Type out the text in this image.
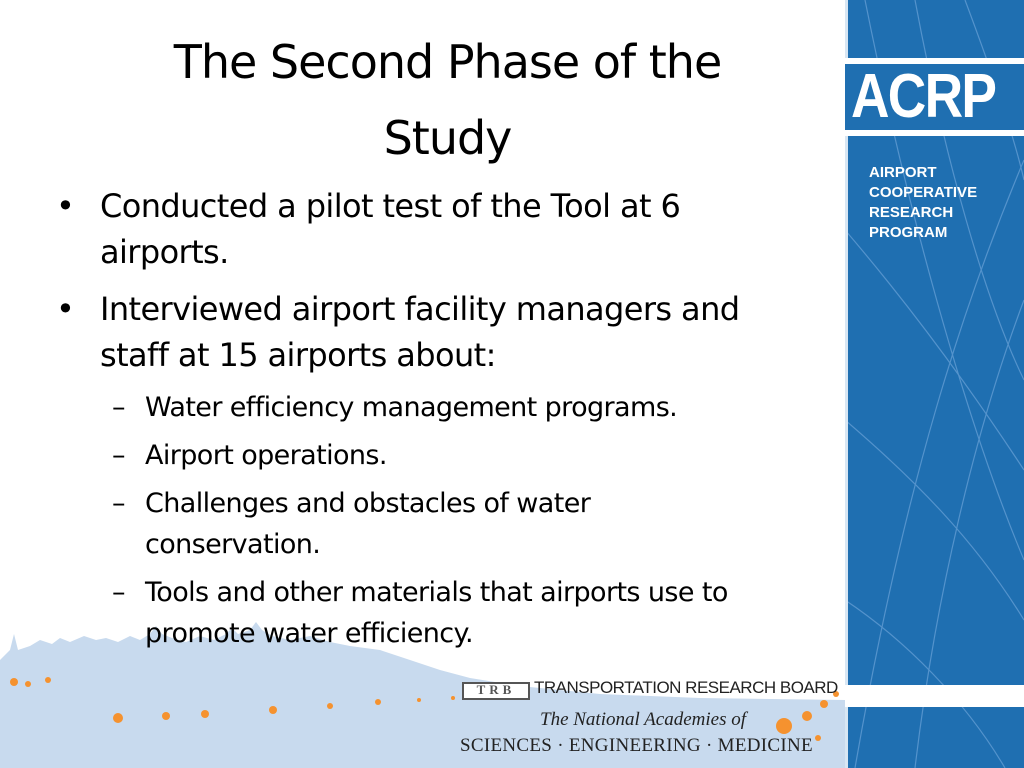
ACRP
AIRPORT
COOPERATIVE
RESEARCH
PROGRAM
The Second Phase of the
Study
• Conducted a pilot test of the Tool at 6
airports.
• Interviewed airport facility managers and
staff at 15 airports about:
– Water efficiency management programs.
– Airport operations.
– Challenges and obstacles of water
conservation.
– Tools and other materials that airports use to
promote water efficiency.
TRB	TRANSPORTATION RESEARCH BOARD
The National Academies of
SCIENCES · ENGINEERING · MEDICINE
